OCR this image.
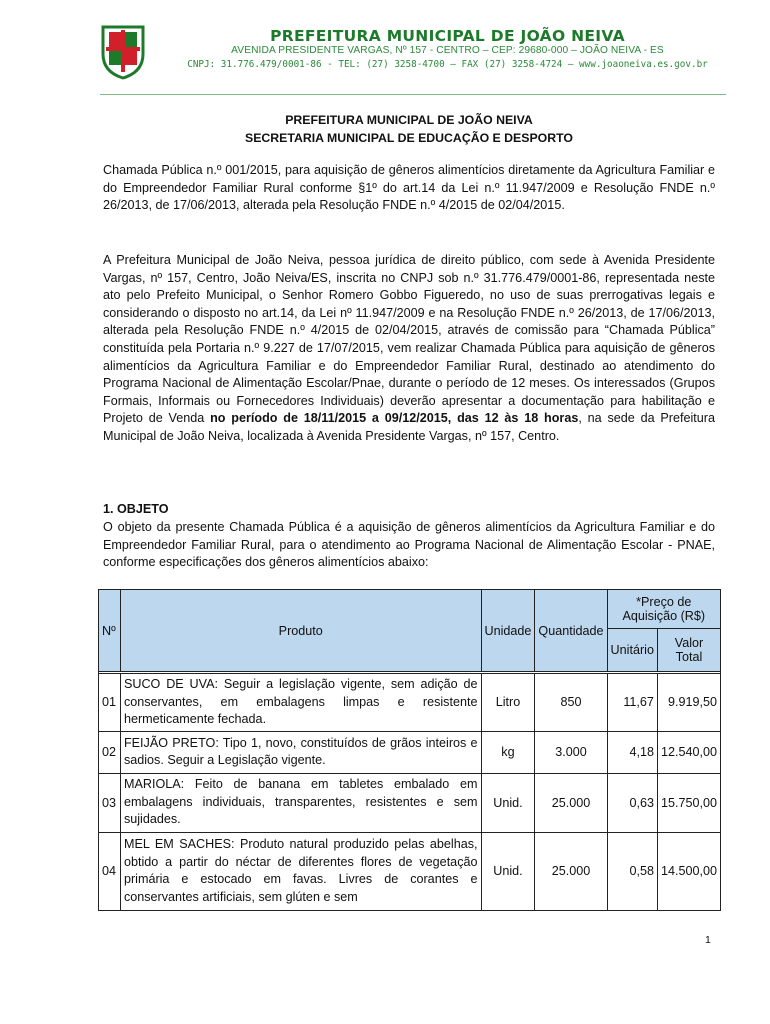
PREFEITURA MUNICIPAL DE JOÃO NEIVA
AVENIDA PRESIDENTE VARGAS, Nº 157 - CENTRO – CEP: 29680-000 – JOÃO NEIVA - ES
CNPJ: 31.776.479/0001-86 - TEL: (27) 3258-4700 – FAX (27) 3258-4724 – www.joaoneiva.es.gov.br
PREFEITURA MUNICIPAL DE JOÃO NEIVA
SECRETARIA MUNICIPAL DE EDUCAÇÃO E DESPORTO
Chamada Pública n.º 001/2015, para aquisição de gêneros alimentícios diretamente da Agricultura Familiar e do Empreendedor Familiar Rural conforme §1º do art.14 da Lei n.º 11.947/2009 e Resolução FNDE n.º 26/2013, de 17/06/2013, alterada pela Resolução FNDE n.º 4/2015 de 02/04/2015.
A Prefeitura Municipal de João Neiva, pessoa jurídica de direito público, com sede à Avenida Presidente Vargas, nº 157, Centro, João Neiva/ES, inscrita no CNPJ sob n.º 31.776.479/0001-86, representada neste ato pelo Prefeito Municipal, o Senhor Romero Gobbo Figueredo, no uso de suas prerrogativas legais e considerando o disposto no art.14, da Lei nº 11.947/2009 e na Resolução FNDE n.º 26/2013, de 17/06/2013, alterada pela Resolução FNDE n.º 4/2015 de 02/04/2015, através de comissão para “Chamada Pública” constituída pela Portaria n.º 9.227 de 17/07/2015, vem realizar Chamada Pública para aquisição de gêneros alimentícios da Agricultura Familiar e do Empreendedor Familiar Rural, destinado ao atendimento do Programa Nacional de Alimentação Escolar/Pnae, durante o período de 12 meses. Os interessados (Grupos Formais, Informais ou Fornecedores Individuais) deverão apresentar a documentação para habilitação e Projeto de Venda no período de 18/11/2015 a 09/12/2015, das 12 às 18 horas, na sede da Prefeitura Municipal de João Neiva, localizada à Avenida Presidente Vargas, nº 157, Centro.
1. OBJETO
O objeto da presente Chamada Pública é a aquisição de gêneros alimentícios da Agricultura Familiar e do Empreendedor Familiar Rural, para o atendimento ao Programa Nacional de Alimentação Escolar - PNAE, conforme especificações dos gêneros alimentícios abaixo:
Nº	Produto	Unidade	Quantidade	*Preço de Aquisição (R$)	
				Unitário	Valor Total

01	SUCO DE UVA: Seguir a legislação vigente, sem adição de conservantes, em embalagens limpas e resistente hermeticamente fechada.	Litro	850	11,67	9.919,50
02	FEIJÃO PRETO: Tipo 1, novo, constituídos de grãos inteiros e sadios. Seguir a Legislação vigente.	kg	3.000	4,18	12.540,00
03	MARIOLA: Feito de banana em tabletes embalado em embalagens individuais, transparentes, resistentes e sem sujidades.	Unid.	25.000	0,63	15.750,00
04	MEL EM SACHES: Produto natural produzido pelas abelhas, obtido a partir do néctar de diferentes flores de vegetação primária e estocado em favas. Livres de corantes e conservantes artificiais, sem glúten e sem	Unid.	25.000	0,58	14.500,00
1
